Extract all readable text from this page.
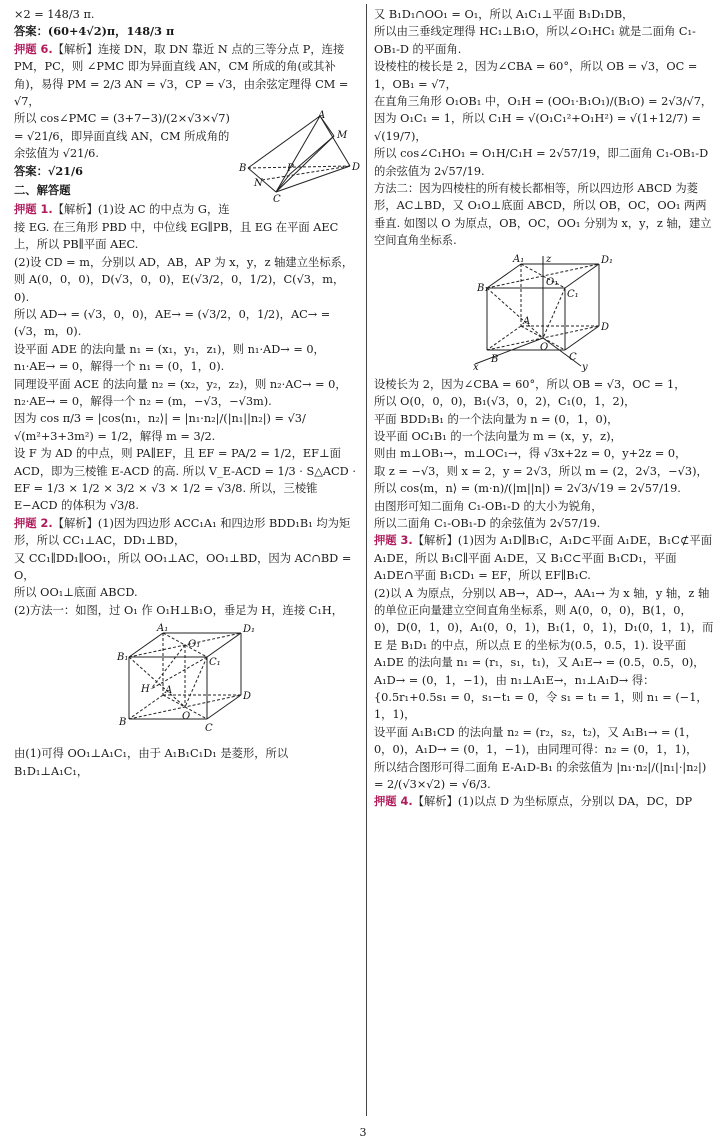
×2 = 148/3 π.

答案：(60+4√2)π，148/3 π

押题 6.【解析】连接 DN，取 DN 靠近 N 点的三等分点 P，连接 PM，PC，则 ∠PMC 即为异面直线 AN，CM 所成的角(或其补角)，易得 PM = 2/3 AN = √3，CP = √3，由余弦定理得 CM = √7，

A
M
B
N
P	D
C

所以 cos∠PMC = (3+7−3)/(2×√3×√7) = √21/6，即异面直线 AN，CM 所成角的余弦值为 √21/6.

答案：√21/6

二、解答题

押题 1.【解析】(1)设 AC 的中点为 G，连接 EG. 在三角形 PBD 中，中位线 EG∥PB，且 EG 在平面 AEC 上，所以 PB∥平面 AEC.

(2)设 CD = m，分别以 AD，AB，AP 为 x，y，z 轴建立坐标系，则 A(0，0，0)，D(√3，0，0)，E(√3/2，0，1/2)，C(√3，m，0).

所以 AD→ = (√3，0，0)，AE→ = (√3/2，0，1/2)，AC→ = (√3，m，0).

设平面 ADE 的法向量 n₁ = (x₁，y₁，z₁)，则 n₁·AD→ = 0，n₁·AE→ = 0，解得一个 n₁ = (0，1，0).

同理设平面 ACE 的法向量 n₂ = (x₂，y₂，z₂)，则 n₂·AC→ = 0，n₂·AE→ = 0，解得一个 n₂ = (m，−√3，−√3m).

因为 cos π/3 = |cos⟨n₁，n₂⟩| = |n₁·n₂|/(|n₁||n₂|) = √3/√(m²+3+3m²) = 1/2，解得 m = 3/2.

设 F 为 AD 的中点，则 PA∥EF，且 EF = PA/2 = 1/2，EF⊥面 ACD，即为三棱锥 E-ACD 的高. 所以 V_E-ACD = 1/3 · S△ACD · EF = 1/3 × 1/2 × 3/2 × √3 × 1/2 = √3/8. 所以，三棱锥 E−ACD 的体积为 √3/8.

押题 2.【解析】(1)因为四边形 ACC₁A₁ 和四边形 BDD₁B₁ 均为矩形，所以 CC₁⊥AC，DD₁⊥BD，

又 CC₁∥DD₁∥OO₁，所以 OO₁⊥AC，OO₁⊥BD，因为 AC∩BD = O，

所以 OO₁⊥底面 ABCD.

(2)方法一：如图，过 O₁ 作 O₁H⊥B₁O，垂足为 H，连接 C₁H，

A₁	D₁
B₁
O₁
C₁
H A
D
B
O
C

由(1)可得 OO₁⊥A₁C₁，由于 A₁B₁C₁D₁ 是菱形，所以 B₁D₁⊥A₁C₁，

又 B₁D₁∩OO₁ = O₁，所以 A₁C₁⊥平面 B₁D₁DB，

所以由三垂线定理得 HC₁⊥B₁O，所以∠O₁HC₁ 就是二面角 C₁-OB₁-D 的平面角.

设棱柱的棱长是 2，因为∠CBA = 60°，所以 OB = √3，OC = 1，OB₁ = √7，

在直角三角形 O₁OB₁ 中，O₁H = (OO₁·B₁O₁)/(B₁O) = 2√3/√7，

因为 O₁C₁ = 1，所以 C₁H = √(O₁C₁²+O₁H²) = √(1+12/7) = √(19/7)，

所以 cos∠C₁HO₁ = O₁H/C₁H = 2√57/19，即二面角 C₁-OB₁-D 的余弦值为 2√57/19.

方法二：因为四棱柱的所有棱长都相等，所以四边形 ABCD 为菱形，AC⊥BD，又 O₁O⊥底面 ABCD，所以 OB，OC，OO₁ 两两垂直. 如图以 O 为原点，OB，OC，OO₁ 分别为 x，y，z 轴，建立空间直角坐标系.

A₁ z	D₁
B₁
O₁
C₁
A
D
x
B
O
C
y

设棱长为 2，因为∠CBA = 60°，所以 OB = √3，OC = 1，

所以 O(0，0，0)，B₁(√3，0，2)，C₁(0，1，2)，

平面 BDD₁B₁ 的一个法向量为 n = (0，1，0)，

设平面 OC₁B₁ 的一个法向量为 m = (x，y，z)，

则由 m⊥OB₁→，m⊥OC₁→，得 √3x+2z = 0，y+2z = 0，

取 z = −√3，则 x = 2，y = 2√3，所以 m = (2，2√3，−√3)，

所以 cos⟨m，n⟩ = (m·n)/(|m||n|) = 2√3/√19 = 2√57/19.

由图形可知二面角 C₁-OB₁-D 的大小为锐角，

所以二面角 C₁-OB₁-D 的余弦值为 2√57/19.

押题 3.【解析】(1)因为 A₁D∥B₁C，A₁D⊂平面 A₁DE，B₁C⊄平面 A₁DE，所以 B₁C∥平面 A₁DE，又 B₁C⊂平面 B₁CD₁，平面 A₁DE∩平面 B₁CD₁ = EF，所以 EF∥B₁C.

(2)以 A 为原点，分别以 AB→，AD→，AA₁→ 为 x 轴，y 轴，z 轴的单位正向量建立空间直角坐标系，则 A(0，0，0)，B(1，0，0)，D(0，1，0)，A₁(0，0，1)，B₁(1，0，1)，D₁(0，1，1)，而 E 是 B₁D₁ 的中点，所以点 E 的坐标为(0.5，0.5，1). 设平面 A₁DE 的法向量 n₁ = (r₁，s₁，t₁)，又 A₁E→ = (0.5，0.5，0)，A₁D→ = (0，1，−1)，由 n₁⊥A₁E→，n₁⊥A₁D→ 得：{0.5r₁+0.5s₁ = 0，s₁−t₁ = 0，令 s₁ = t₁ = 1，则 n₁ = (−1，1，1)，

设平面 A₁B₁CD 的法向量 n₂ = (r₂，s₂，t₂)，又 A₁B₁→ = (1，0，0)，A₁D→ = (0，1，−1)，由同理可得：n₂ = (0，1，1)，

所以结合图形可得二面角 E-A₁D-B₁ 的余弦值为 |n₁·n₂|/(|n₁|·|n₂|) = 2/(√3×√2) = √6/3.

押题 4.【解析】(1)以点 D 为坐标原点，分别以 DA，DC，DP

3
